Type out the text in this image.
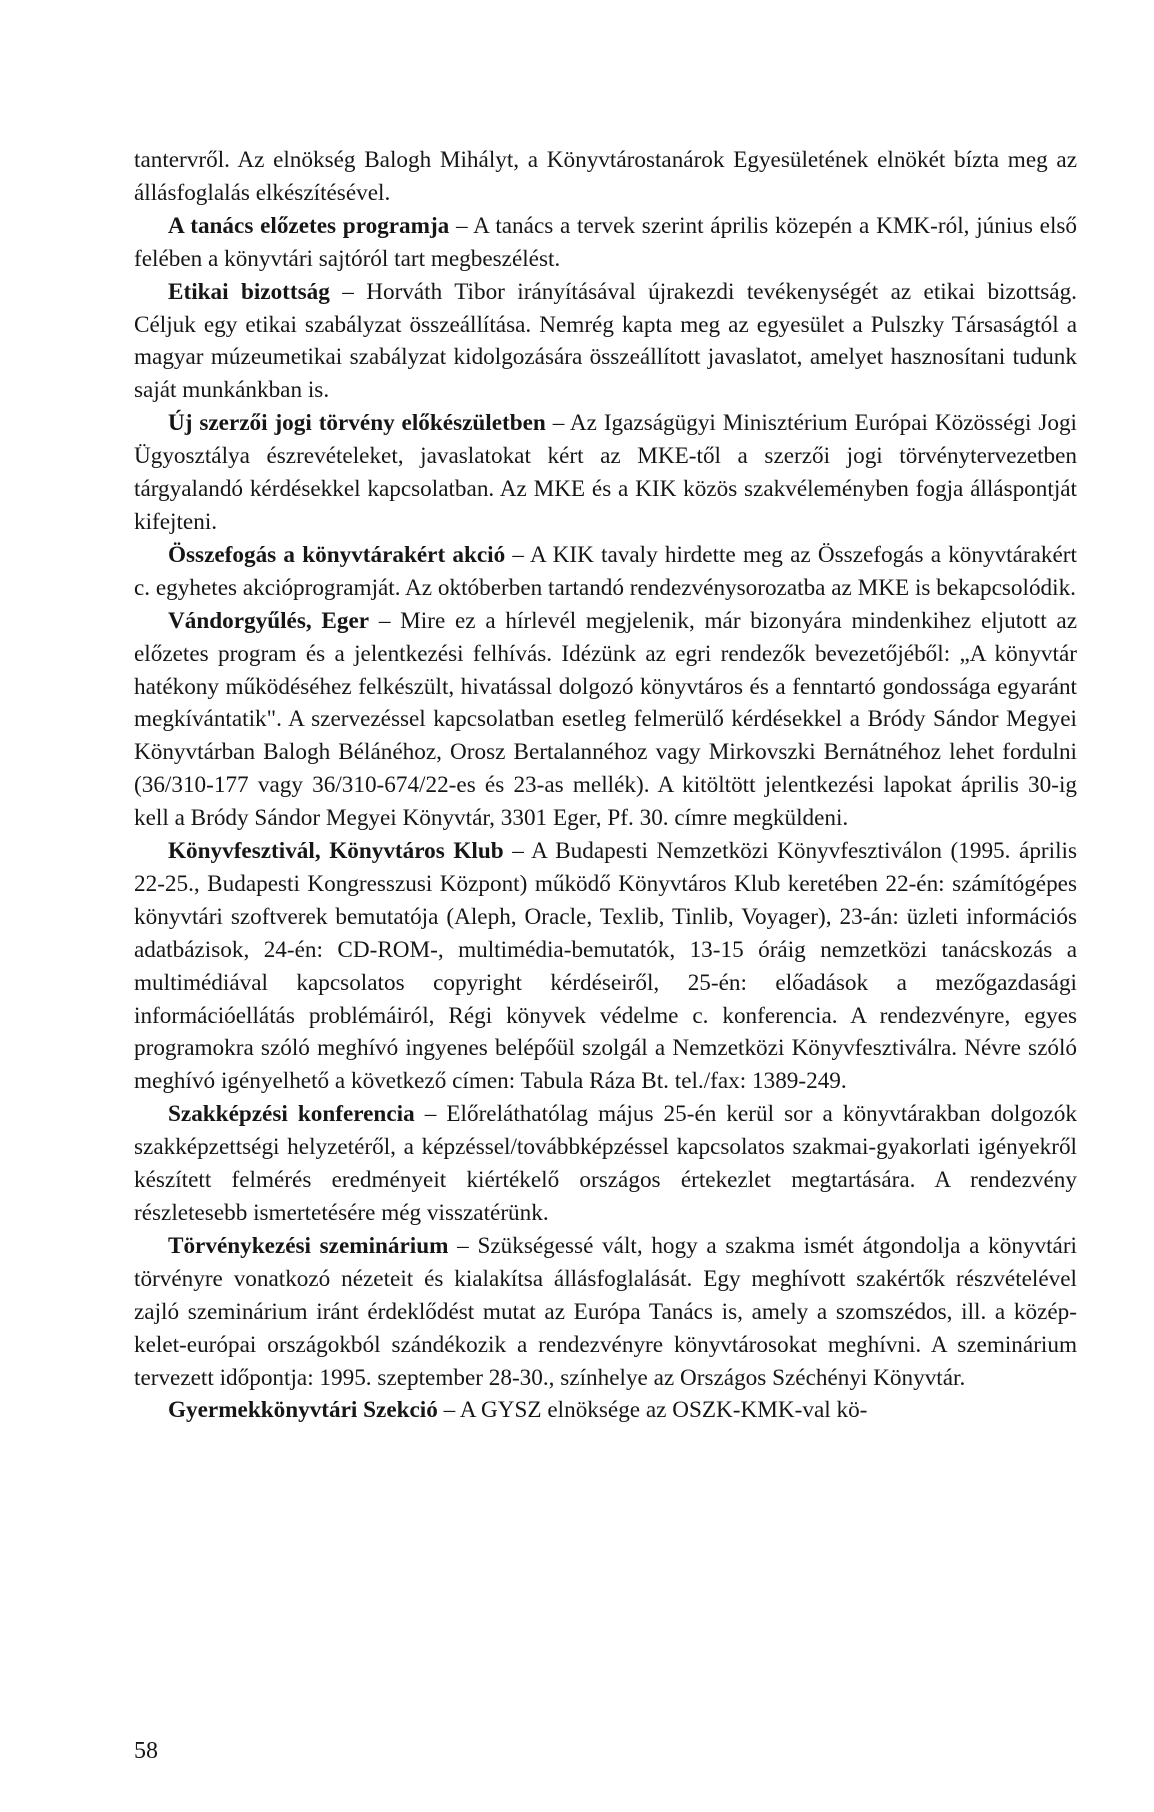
tantervről. Az elnökség Balogh Mihályt, a Könyvtárostanárok Egyesületének elnökét bízta meg az állásfoglalás elkészítésével.

A tanács előzetes programja – A tanács a tervek szerint április közepén a KMK-ról, június első felében a könyvtári sajtóról tart megbeszélést.

Etikai bizottság – Horváth Tibor irányításával újrakezdi tevékenységét az etikai bizottság. Céljuk egy etikai szabályzat összeállítása. Nemrég kapta meg az egyesület a Pulszky Társaságtól a magyar múzeumetikai szabályzat kidolgozására összeállított javaslatot, amelyet hasznosítani tudunk saját munkánkban is.

Új szerzői jogi törvény előkészületben – Az Igazságügyi Minisztérium Európai Közösségi Jogi Ügyosztálya észrevételeket, javaslatokat kért az MKE-től a szerzői jogi törvénytervezetben tárgyalandó kérdésekkel kapcsolatban. Az MKE és a KIK közös szakvéleményben fogja álláspontját kifejteni.

Összefogás a könyvtárakért akció – A KIK tavaly hirdette meg az Összefogás a könyvtárakért c. egyhetes akcióprogramját. Az októberben tartandó rendezvénysorozatba az MKE is bekapcsolódik.

Vándorgyűlés, Eger – Mire ez a hírlevél megjelenik, már bizonyára mindenkihez eljutott az előzetes program és a jelentkezési felhívás. Idézünk az egri rendezők bevezetőjéből: „A könyvtár hatékony működéséhez felkészült, hivatással dolgozó könyvtáros és a fenntartó gondossága egyaránt megkívántatik". A szervezéssel kapcsolatban esetleg felmerülő kérdésekkel a Bródy Sándor Megyei Könyvtárban Balogh Bélánéhoz, Orosz Bertalannéhoz vagy Mirkovszki Bernátnéhoz lehet fordulni (36/310-177 vagy 36/310-674/22-es és 23-as mellék). A kitöltött jelentkezési lapokat április 30-ig kell a Bródy Sándor Megyei Könyvtár, 3301 Eger, Pf. 30. címre megküldeni.

Könyvfesztivál, Könyvtáros Klub – A Budapesti Nemzetközi Könyvfesztiválon (1995. április 22-25., Budapesti Kongresszusi Központ) működő Könyvtáros Klub keretében 22-én: számítógépes könyvtári szoftverek bemutatója (Aleph, Oracle, Texlib, Tinlib, Voyager), 23-án: üzleti információs adatbázisok, 24-én: CD-ROM-, multimédia-bemutatók, 13-15 óráig nemzetközi tanácskozás a multimédiával kapcsolatos copyright kérdéseiről, 25-én: előadások a mezőgazdasági információellátás problémáiról, Régi könyvek védelme c. konferencia. A rendezvényre, egyes programokra szóló meghívó ingyenes belépőül szolgál a Nemzetközi Könyvfesztiválra. Névre szóló meghívó igényelhető a következő címen: Tabula Ráza Bt. tel./fax: 1389-249.

Szakképzési konferencia – Előreláthatólag május 25-én kerül sor a könyvtárakban dolgozók szakképzettségi helyzetéről, a képzéssel/továbbképzéssel kapcsolatos szakmai-gyakorlati igényekről készített felmérés eredményeit kiértékelő országos értekezlet megtartására. A rendezvény részletesebb ismertetésére még visszatérünk.

Törvénykezési szeminárium – Szükségessé vált, hogy a szakma ismét átgondolja a könyvtári törvényre vonatkozó nézeteit és kialakítsa állásfoglalását. Egy meghívott szakértők részvételével zajló szeminárium iránt érdeklődést mutat az Európa Tanács is, amely a szomszédos, ill. a közép-kelet-európai országokból szándékozik a rendezvényre könyvtárosokat meghívni. A szeminárium tervezett időpontja: 1995. szeptember 28-30., színhelye az Országos Széchényi Könyvtár.

Gyermekkönyvtári Szekció – A GYSZ elnöksége az OSZK-KMK-val kö-

58
